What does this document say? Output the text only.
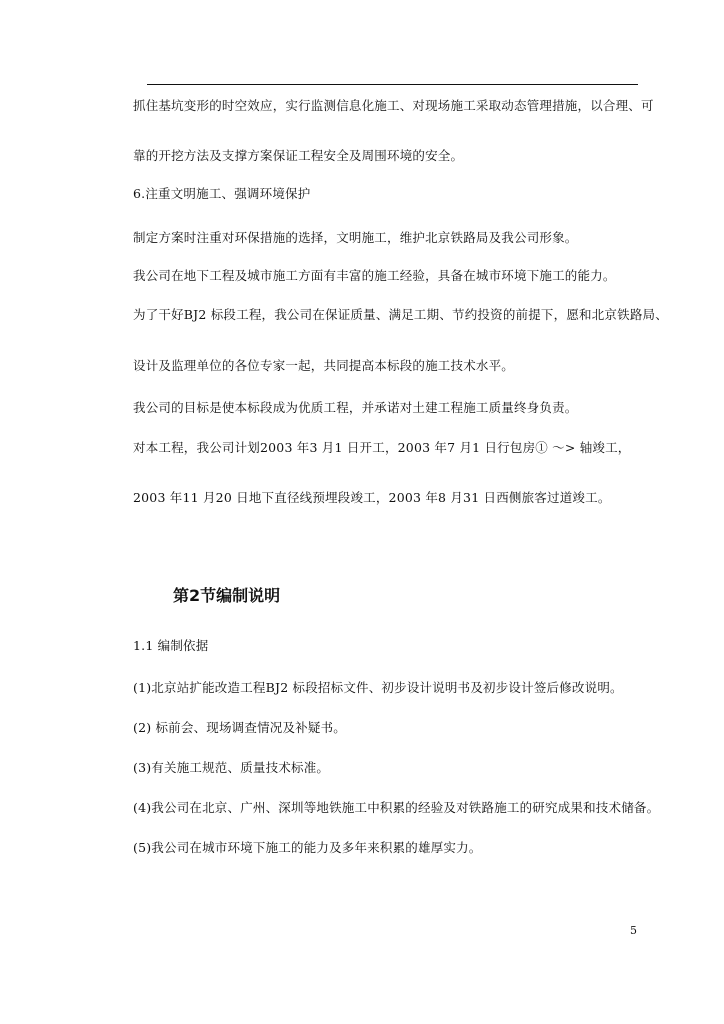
抓住基坑变形的时空效应，实行监测信息化施工、对现场施工采取动态管理措施，以合理、可
靠的开挖方法及支撑方案保证工程安全及周围环境的安全。
6.注重文明施工、强调环境保护
制定方案时注重对环保措施的选择，文明施工，维护北京铁路局及我公司形象。
我公司在地下工程及城市施工方面有丰富的施工经验，具备在城市环境下施工的能力。
为了干好BJ2 标段工程，我公司在保证质量、满足工期、节约投资的前提下，愿和北京铁路局、
设计及监理单位的各位专家一起，共同提高本标段的施工技术水平。
我公司的目标是使本标段成为优质工程，并承诺对土建工程施工质量终身负责。
对本工程，我公司计划2003 年3 月1 日开工，2003 年7 月1 日行包房① ～> 轴竣工，
2003 年11 月20 日地下直径线预埋段竣工，2003 年8 月31 日西侧旅客过道竣工。
第2节编制说明
1.1 编制依据
(1)北京站扩能改造工程BJ2 标段招标文件、初步设计说明书及初步设计签后修改说明。
(2) 标前会、现场调查情况及补疑书。
(3)有关施工规范、质量技术标准。
(4)我公司在北京、广州、深圳等地铁施工中积累的经验及对铁路施工的研究成果和技术储备。
(5)我公司在城市环境下施工的能力及多年来积累的雄厚实力。
5
